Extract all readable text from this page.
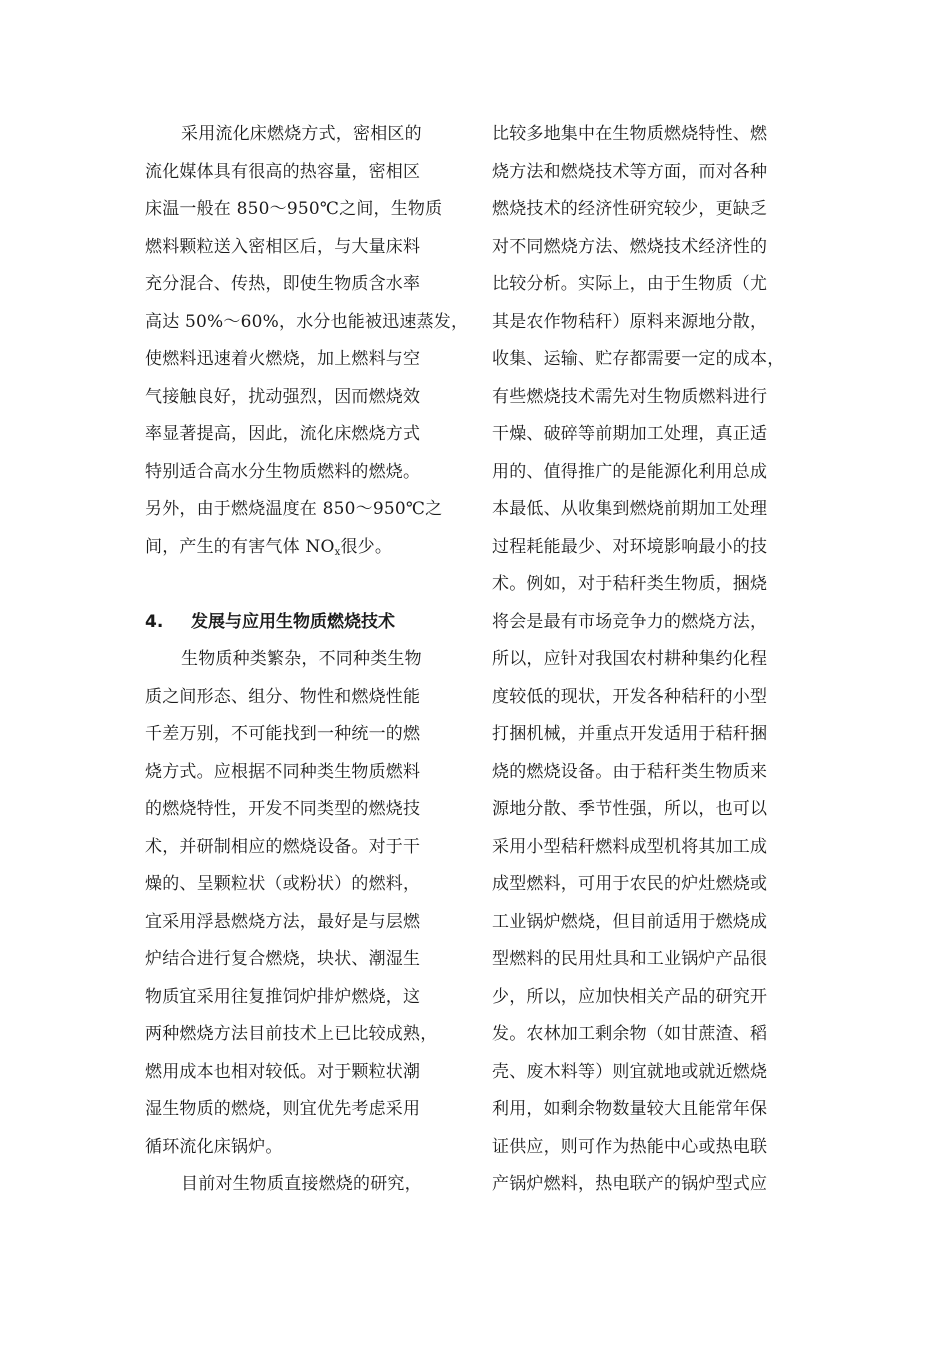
采用流化床燃烧方式，密相区的
流化媒体具有很高的热容量，密相区
床温一般在 850～950℃之间，生物质
燃料颗粒送入密相区后，与大量床料
充分混合、传热，即使生物质含水率
高达 50%～60%，水分也能被迅速蒸发，
使燃料迅速着火燃烧，加上燃料与空
气接触良好，扰动强烈，因而燃烧效
率显著提高，因此，流化床燃烧方式
特别适合高水分生物质燃料的燃烧。
另外，由于燃烧温度在 850～950℃之
间，产生的有害气体 $NO_x$很少。
4. 发展与应用生物质燃烧技术
生物质种类繁杂，不同种类生物
质之间形态、组分、物性和燃烧性能
千差万别，不可能找到一种统一的燃
烧方式。应根据不同种类生物质燃料
的燃烧特性，开发不同类型的燃烧技
术，并研制相应的燃烧设备。对于干
燥的、呈颗粒状（或粉状）的燃料，
宜采用浮悬燃烧方法，最好是与层燃
炉结合进行复合燃烧，块状、潮湿生
物质宜采用往复推饲炉排炉燃烧，这
两种燃烧方法目前技术上已比较成熟，
燃用成本也相对较低。对于颗粒状潮
湿生物质的燃烧，则宜优先考虑采用
循环流化床锅炉。
目前对生物质直接燃烧的研究，
比较多地集中在生物质燃烧特性、燃
烧方法和燃烧技术等方面，而对各种
燃烧技术的经济性研究较少，更缺乏
对不同燃烧方法、燃烧技术经济性的
比较分析。实际上，由于生物质（尤
其是农作物秸秆）原料来源地分散，
收集、运输、贮存都需要一定的成本，
有些燃烧技术需先对生物质燃料进行
干燥、破碎等前期加工处理，真正适
用的、值得推广的是能源化利用总成
本最低、从收集到燃烧前期加工处理
过程耗能最少、对环境影响最小的技
术。例如，对于秸秆类生物质，捆烧
将会是最有市场竞争力的燃烧方法，
所以，应针对我国农村耕种集约化程
度较低的现状，开发各种秸秆的小型
打捆机械，并重点开发适用于秸秆捆
烧的燃烧设备。由于秸秆类生物质来
源地分散、季节性强，所以，也可以
采用小型秸秆燃料成型机将其加工成
成型燃料，可用于农民的炉灶燃烧或
工业锅炉燃烧，但目前适用于燃烧成
型燃料的民用灶具和工业锅炉产品很
少，所以，应加快相关产品的研究开
发。农林加工剩余物（如甘蔗渣、稻
壳、废木料等）则宜就地或就近燃烧
利用，如剩余物数量较大且能常年保
证供应，则可作为热能中心或热电联
产锅炉燃料，热电联产的锅炉型式应
